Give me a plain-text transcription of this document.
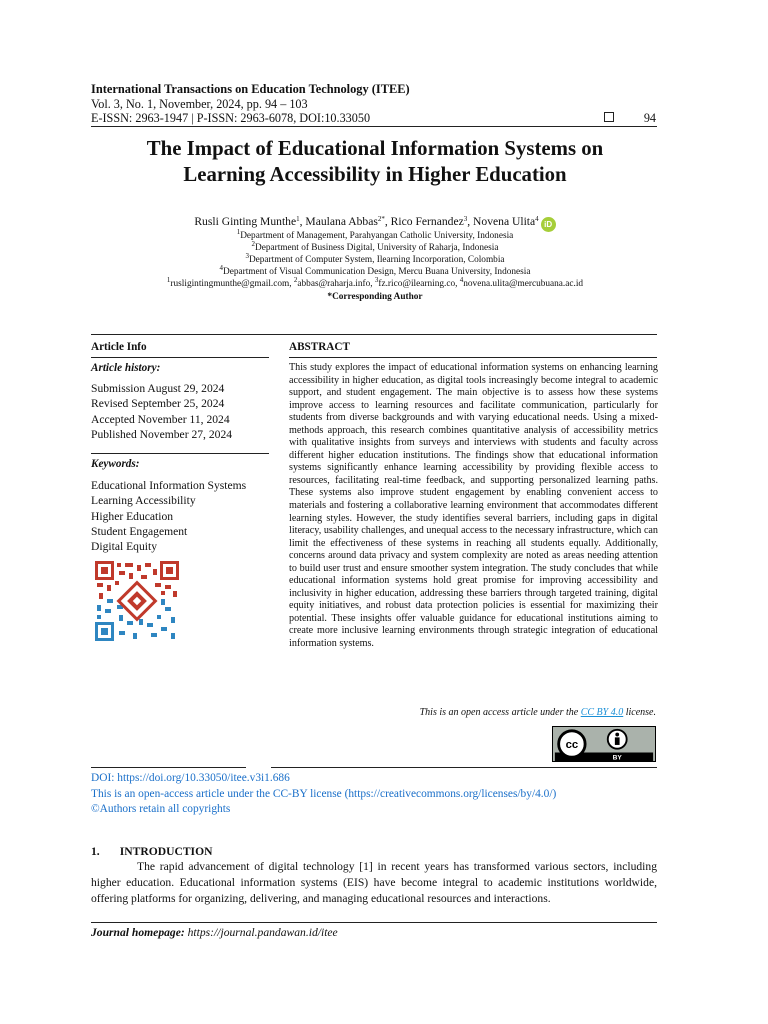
International Transactions on Education Technology (ITEE)
Vol. 3, No. 1, November, 2024, pp. 94 – 103
E-ISSN: 2963-1947 | P-ISSN: 2963-6078, DOI:10.33050	94
The Impact of Educational Information Systems on
Learning Accessibility in Higher Education
Rusli Ginting Munthe$^1$, Maulana Abbas$^{2*}$, Rico Fernandez$^3$, Novena Ulita$^4$iD
$^1$Department of Management, Parahyangan Catholic University, Indonesia
$^2$Department of Business Digital, University of Raharja, Indonesia
$^3$Department of Computer System, Ilearning Incorporation, Colombia
$^4$Department of Visual Communication Design, Mercu Buana University, Indonesia
$^1$rusligintingmunthe@gmail.com, $^2$abbas@raharja.info, $^3$fz.rico@ilearning.co, $^4$novena.ulita@mercubuana.ac.id
*Corresponding Author
Article Info
Article history:
Submission August 29, 2024
Revised September 25, 2024
Accepted November 11, 2024
Published November 27, 2024
Keywords:
Educational Information Systems
Learning Accessibility
Higher Education
Student Engagement
Digital Equity
ABSTRACT

This study explores the impact of educational information systems on enhancing learning accessibility in higher education, as digital tools increasingly become integral to academic support, and student engagement. The main objective is to assess how these systems improve access to learning resources and facilitate communication, particularly for students from diverse backgrounds and with varying educational needs. Using a mixed-methods approach, this research combines quantitative analysis of accessibility metrics with qualitative insights from surveys and interviews with students and faculty across different higher education institutions. The findings show that educational information systems significantly enhance learning accessibility by providing flexible access to resources, facilitating real-time feedback, and supporting personalized learning paths. These systems also improve student engagement by enabling convenient access to materials and fostering a collaborative learning environment that accommodates different learning styles. However, the study identifies several barriers, including gaps in digital literacy, usability challenges, and unequal access to the necessary infrastructure, which can limit the effectiveness of these systems in reaching all students equally. Additionally, concerns around data privacy and system complexity are noted as areas needing attention to build user trust and ensure smoother system integration. The study concludes that while educational information systems hold great promise for improving accessibility and inclusivity in higher education, addressing these barriers through targeted training, digital equity initiatives, and robust data protection policies is essential for maximizing their potential. These insights offer valuable guidance for educational institutions aiming to create more inclusive learning environments through strategic integration of educational information systems.

This is an open access article under the CC BY 4.0 license.
cc
BY
DOI: https://doi.org/10.33050/itee.v3i1.686
This is an open-access article under the CC-BY license (https://creativecommons.org/licenses/by/4.0/)
©Authors retain all copyrights
1. INTRODUCTION
The rapid advancement of digital technology [1] in recent years has transformed various sectors, including higher education. Educational information systems (EIS) have become integral to academic institutions worldwide, offering platforms for organizing, delivering, and managing educational resources and interactions.
Journal homepage: https://journal.pandawan.id/itee
